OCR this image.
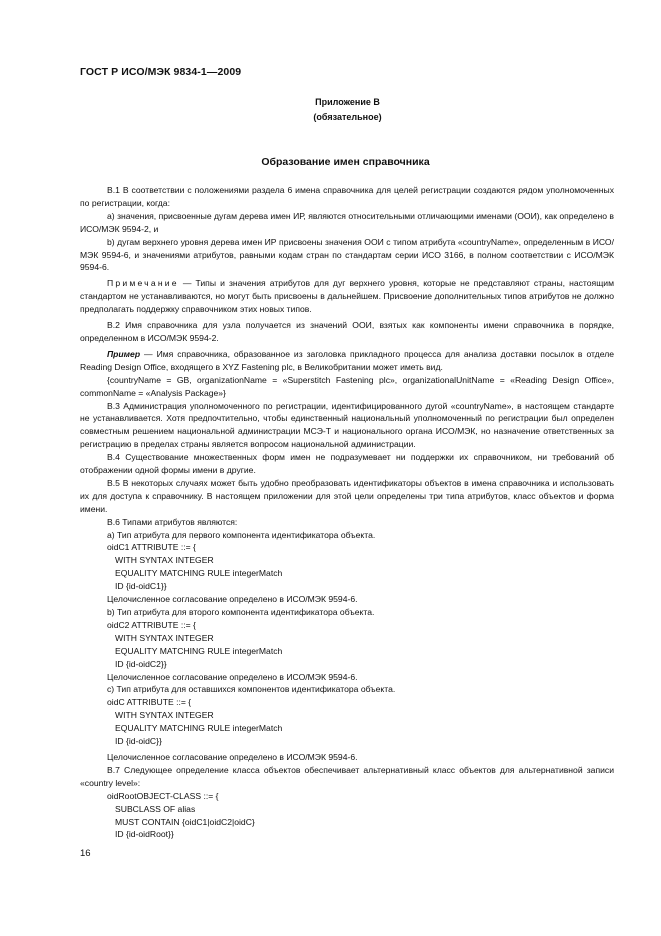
ГОСТ Р ИСО/МЭК 9834-1—2009
Приложение B
(обязательное)
Образование имен справочника

В.1 В соответствии с положениями раздела 6 имена справочника для целей регистрации создаются рядом уполномоченных по регистрации, когда:

а) значения, присвоенные дугам дерева имен ИР, являются относительными отличающими именами (ООИ), как определено в ИСО/МЭК 9594-2, и

b) дугам верхнего уровня дерева имен ИР присвоены значения ООИ с типом атрибута «countryName», определенным в ИСО/МЭК 9594-6, и значениями атрибутов, равными кодам стран по стандартам серии ИСО 3166, в полном соответствии с ИСО/МЭК 9594-6.

Примечание — Типы и значения атрибутов для дуг верхнего уровня, которые не представляют страны, настоящим стандартом не устанавливаются, но могут быть присвоены в дальнейшем. Присвоение дополнительных типов атрибутов не должно предполагать поддержку справочником этих новых типов.

В.2 Имя справочника для узла получается из значений ООИ, взятых как компоненты имени справочника в порядке, определенном в ИСО/МЭК 9594-2.

Пример — Имя справочника, образованное из заголовка прикладного процесса для анализа доставки посылок в отделе Reading Design Office, входящего в XYZ Fastening plc, в Великобритании может иметь вид.

{countryName = GB, organizationName = «Superstitch Fastening plc», organizationalUnitName = «Reading Design Office», commonName = «Analysis Package»}

В.3 Администрация уполномоченного по регистрации, идентифицированного дугой «countryName», в настоящем стандарте не устанавливается. Хотя предпочтительно, чтобы единственный национальный уполномоченный по регистрации был определен совместным решением национальной администрации МСЭ-Т и национального органа ИСО/МЭК, но назначение ответственных за регистрацию в пределах страны является вопросом национальной администрации.

В.4 Существование множественных форм имен не подразумевает ни поддержки их справочником, ни требований об отображении одной формы имени в другие.

В.5 В некоторых случаях может быть удобно преобразовать идентификаторы объектов в имена справочника и использовать их для доступа к справочнику. В настоящем приложении для этой цели определены три типа атрибутов, класс объектов и форма имени.

В.6 Типами атрибутов являются:

а) Тип атрибута для первого компонента идентификатора объекта.

oidC1 ATTRIBUTE ::= {

WITH SYNTAX INTEGER

EQUALITY MATCHING RULE integerMatch

ID {id-oidC1}}

Целочисленное согласование определено в ИСО/МЭК 9594-6.

b) Тип атрибута для второго компонента идентификатора объекта.

oidC2 ATTRIBUTE ::= {

WITH SYNTAX INTEGER

EQUALITY MATCHING RULE integerMatch

ID {id-oidC2}}

Целочисленное согласование определено в ИСО/МЭК 9594-6.

с) Тип атрибута для оставшихся компонентов идентификатора объекта.

oidC ATTRIBUTE ::= {

WITH SYNTAX INTEGER

EQUALITY MATCHING RULE integerMatch

ID {id-oidC}}

Целочисленное согласование определено в ИСО/МЭК 9594-6.

В.7 Следующее определение класса объектов обеспечивает альтернативный класс объектов для альтернативной записи «country level»:

oidRootOBJECT-CLASS ::= {

SUBCLASS OF alias

MUST CONTAIN {oidC1|oidC2|oidC}

ID {id-oidRoot}}

16
